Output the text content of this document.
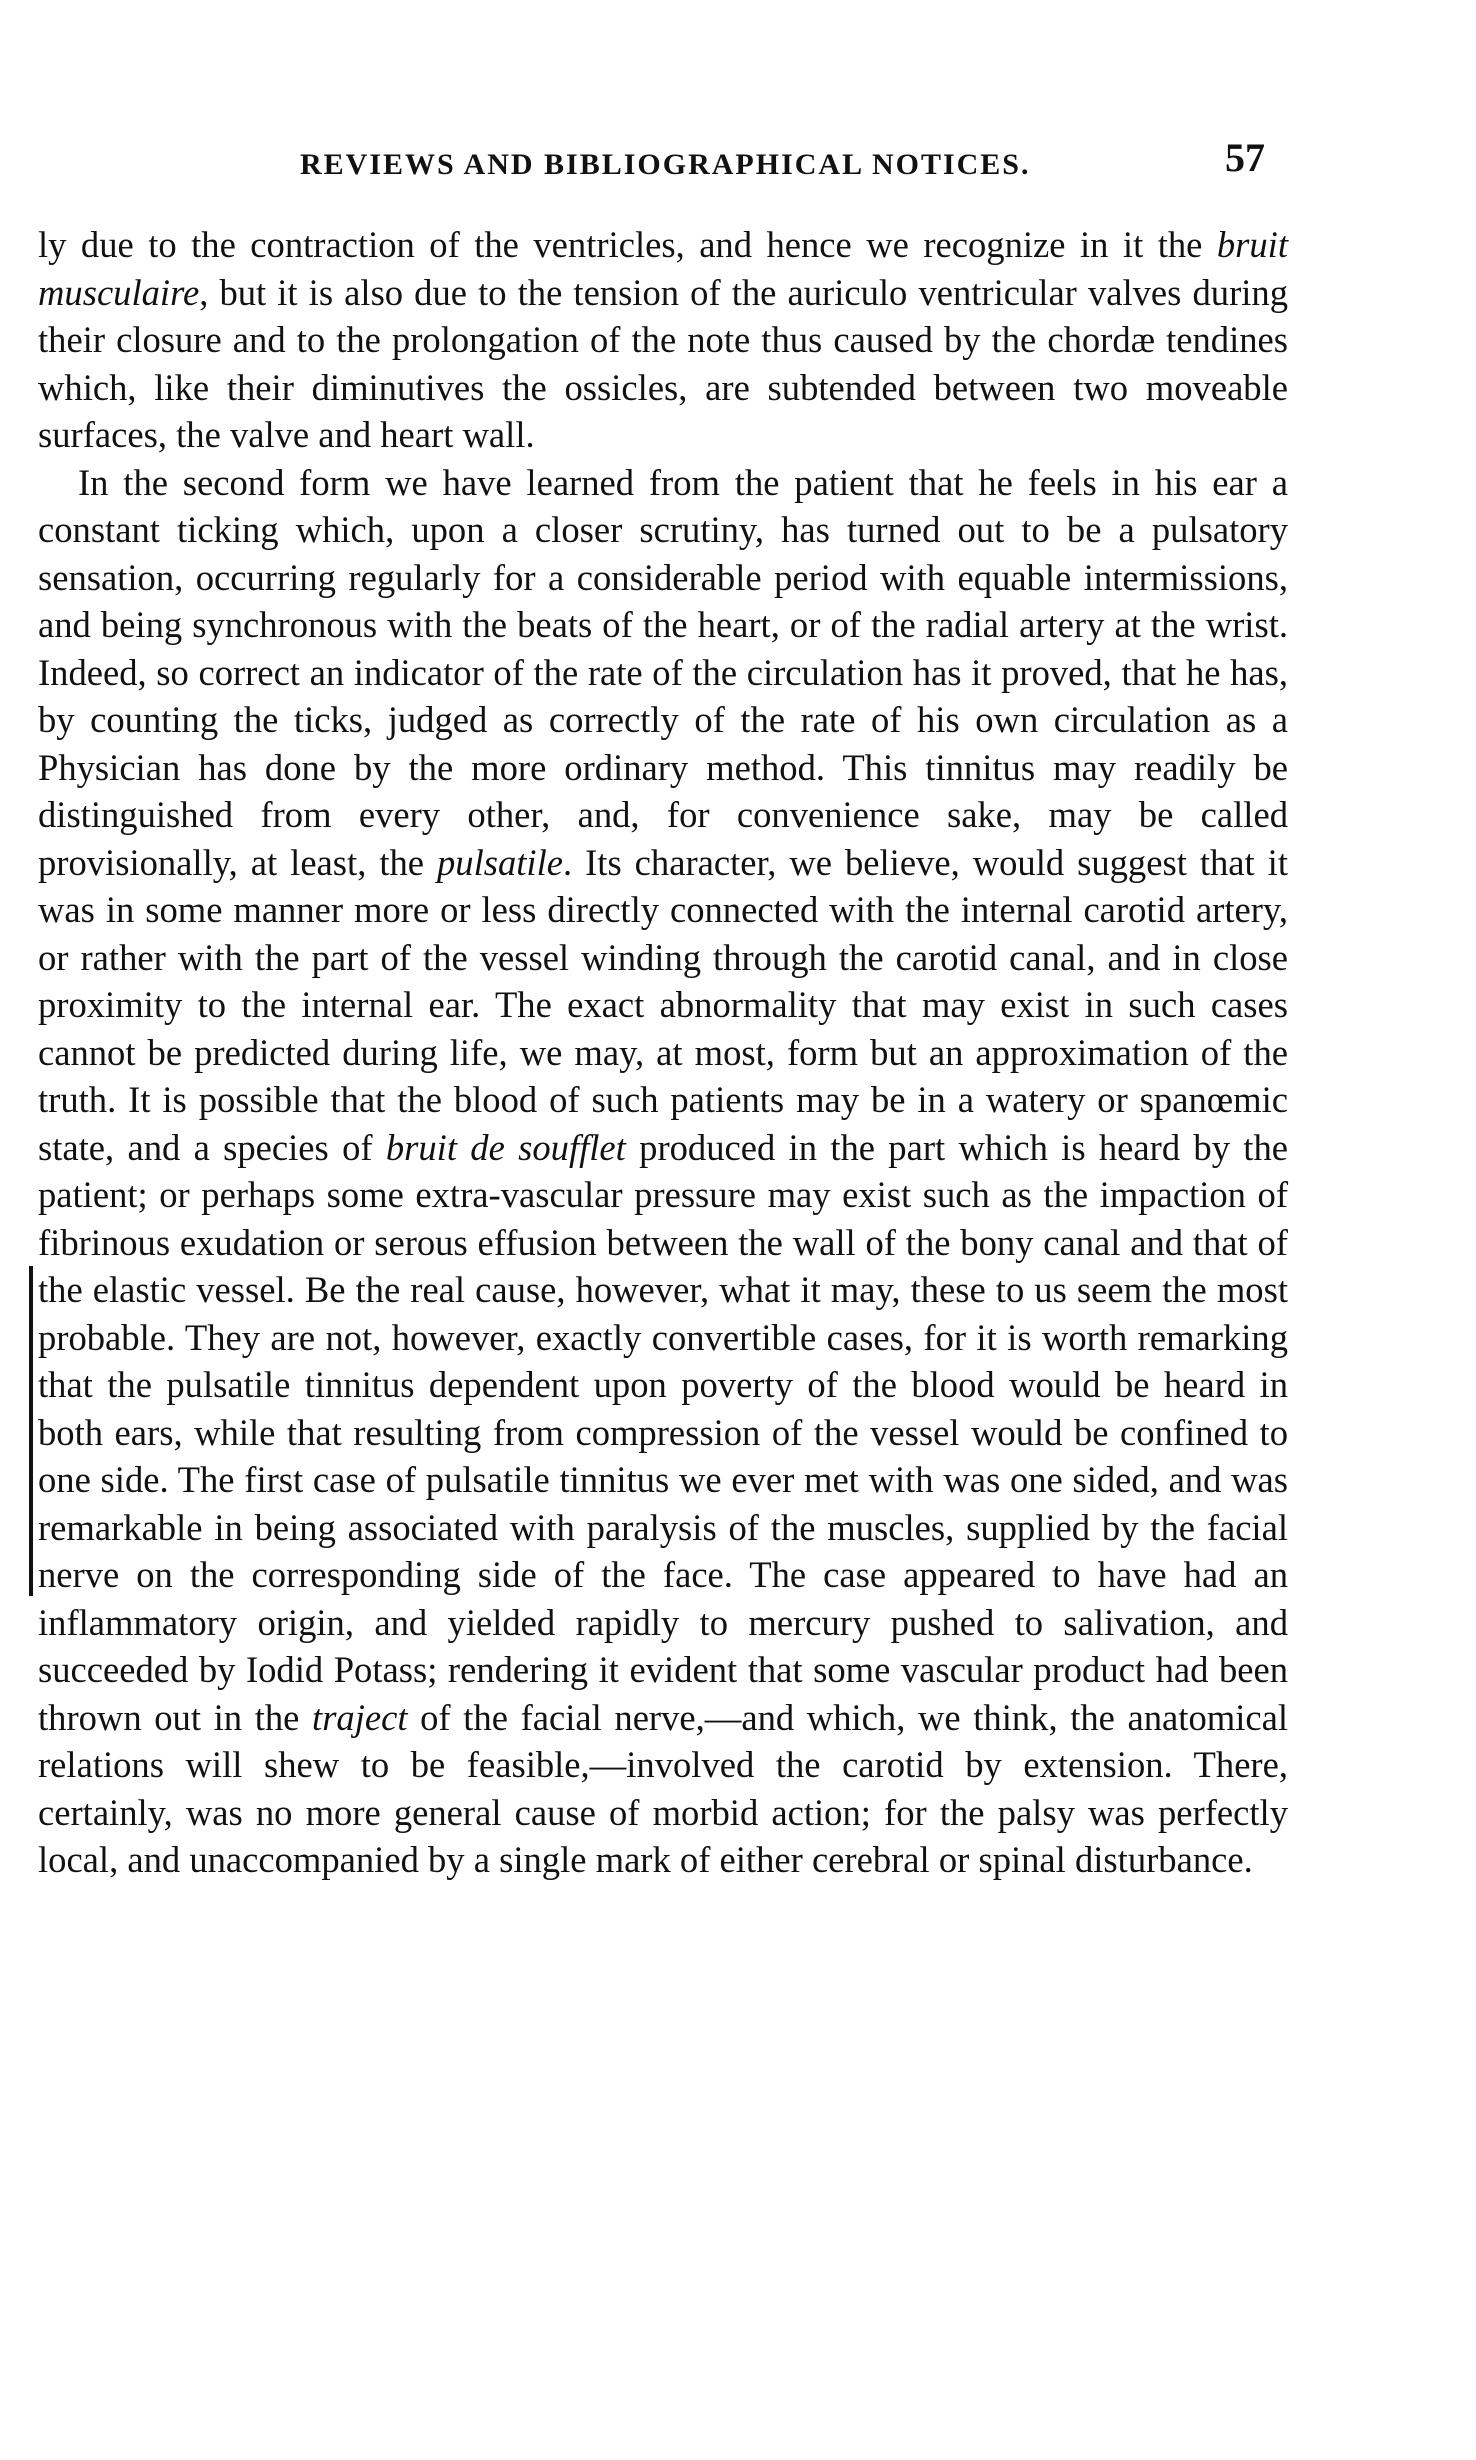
REVIEWS AND BIBLIOGRAPHICAL NOTICES.	57

ly due to the contraction of the ventricles, and hence we recognize in it the bruit musculaire, but it is also due to the tension of the auriculo ventricular valves during their closure and to the prolongation of the note thus caused by the chordæ tendines which, like their diminutives the ossicles, are subtended between two moveable surfaces, the valve and heart wall.

In the second form we have learned from the patient that he feels in his ear a constant ticking which, upon a closer scrutiny, has turned out to be a pulsatory sensation, occurring regularly for a considerable period with equable intermissions, and being synchronous with the beats of the heart, or of the radial artery at the wrist. Indeed, so correct an indicator of the rate of the circulation has it proved, that he has, by counting the ticks, judged as correctly of the rate of his own circulation as a Physician has done by the more ordinary method. This tinnitus may readily be distinguished from every other, and, for convenience sake, may be called provisionally, at least, the pulsatile. Its character, we believe, would suggest that it was in some manner more or less directly connected with the internal carotid artery, or rather with the part of the vessel winding through the carotid canal, and in close proximity to the internal ear. The exact abnormality that may exist in such cases cannot be predicted during life, we may, at most, form but an approximation of the truth. It is possible that the blood of such patients may be in a watery or spanœmic state, and a species of bruit de soufflet produced in the part which is heard by the patient; or perhaps some extra-vascular pressure may exist such as the impaction of fibrinous exudation or serous effusion between the wall of the bony canal and that of the elastic vessel. Be the real cause, however, what it may, these to us seem the most probable. They are not, however, exactly convertible cases, for it is worth remarking that the pulsatile tinnitus dependent upon poverty of the blood would be heard in both ears, while that resulting from compression of the vessel would be confined to one side. The first case of pulsatile tinnitus we ever met with was one sided, and was remarkable in being associated with paralysis of the muscles, supplied by the facial nerve on the corresponding side of the face. The case appeared to have had an inflammatory origin, and yielded rapidly to mercury pushed to salivation, and succeeded by Iodid Potass; rendering it evident that some vascular product had been thrown out in the traject of the facial nerve,—and which, we think, the anatomical relations will shew to be feasible,—involved the carotid by extension. There, certainly, was no more general cause of morbid action; for the palsy was perfectly local, and unaccompanied by a single mark of either cerebral or spinal disturbance.
